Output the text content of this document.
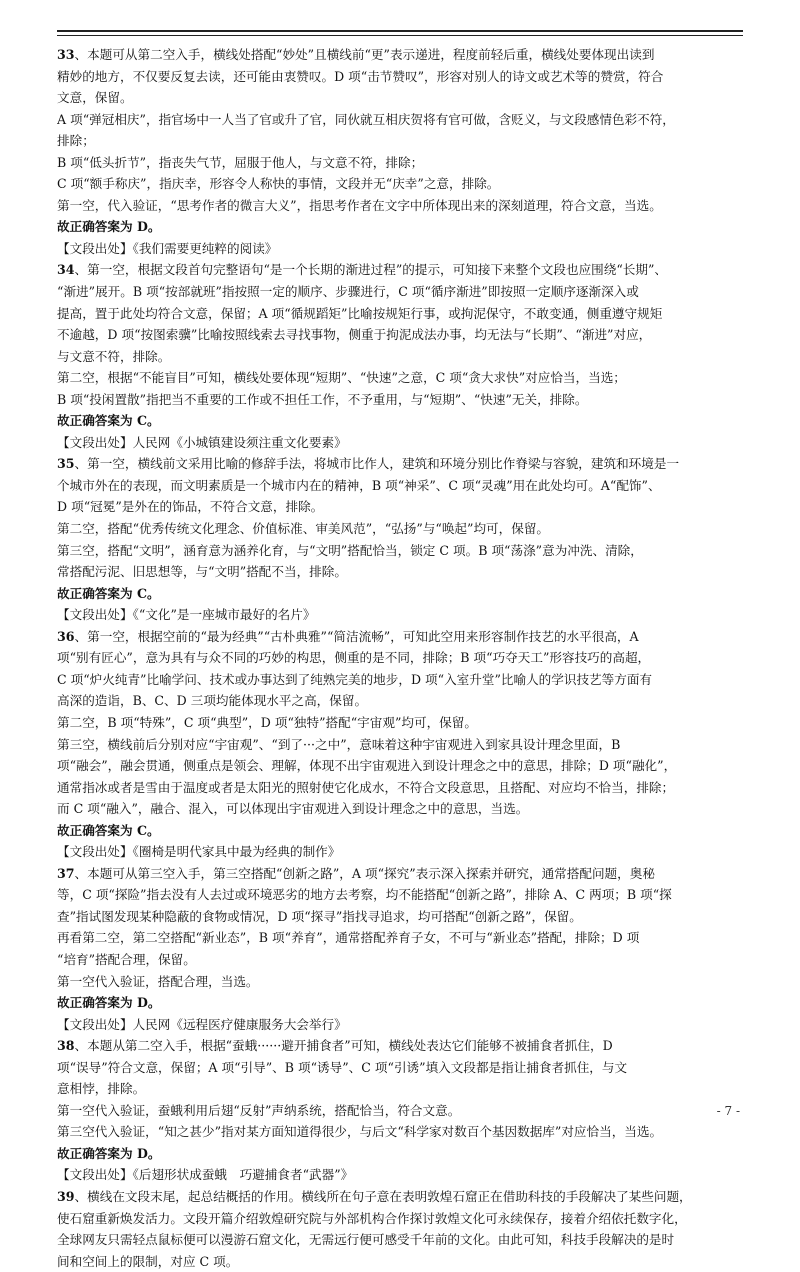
33、本题可从第二空入手，横线处搭配“妙处”且横线前“更”表示递进，程度前轻后重，横线处要体现出读到
精妙的地方，不仅要反复去读，还可能由衷赞叹。D 项“击节赞叹”，形容对别人的诗文或艺术等的赞赏，符合
文意，保留。
A 项“弹冠相庆”，指官场中一人当了官或升了官，同伙就互相庆贺将有官可做，含贬义，与文段感情色彩不符，
排除；
B 项“低头折节”，指丧失气节，屈服于他人，与文意不符，排除；
C 项“额手称庆”，指庆幸，形容令人称快的事情，文段并无“庆幸”之意，排除。
第一空，代入验证，“思考作者的微言大义”，指思考作者在文字中所体现出来的深刻道理，符合文意，当选。
故正确答案为 D。
【文段出处】《我们需要更纯粹的阅读》
34、第一空，根据文段首句完整语句“是一个长期的渐进过程”的提示，可知接下来整个文段也应围绕“长期”、
“渐进”展开。B 项“按部就班”指按照一定的顺序、步骤进行，C 项“循序渐进”即按照一定顺序逐渐深入或
提高，置于此处均符合文意，保留；A 项“循规蹈矩”比喻按规矩行事，或拘泥保守，不敢变通，侧重遵守规矩
不逾越，D 项“按图索骥”比喻按照线索去寻找事物，侧重于拘泥成法办事，均无法与“长期”、“渐进”对应，
与文意不符，排除。
第二空，根据“不能盲目”可知，横线处要体现“短期”、“快速”之意，C 项“贪大求快”对应恰当，当选；
B 项“投闲置散”指把当不重要的工作或不担任工作，不予重用，与“短期”、“快速”无关，排除。
故正确答案为 C。
【文段出处】人民网《小城镇建设须注重文化要素》
35、第一空，横线前文采用比喻的修辞手法，将城市比作人，建筑和环境分别比作脊梁与容貌，建筑和环境是一
个城市外在的表现，而文明素质是一个城市内在的精神，B 项“神采”、C 项“灵魂”用在此处均可。A“配饰”、
D 项“冠冕”是外在的饰品，不符合文意，排除。
第二空，搭配“优秀传统文化理念、价值标准、审美风范”，“弘扬”与“唤起”均可，保留。
第三空，搭配“文明”，涵育意为涵养化育，与“文明”搭配恰当，锁定 C 项。B 项“荡涤”意为冲洗、清除，
常搭配污泥、旧思想等，与“文明”搭配不当，排除。
故正确答案为 C。
【文段出处】《“文化”是一座城市最好的名片》
36、第一空，根据空前的“最为经典”“古朴典雅”“简洁流畅”，可知此空用来形容制作技艺的水平很高，A
项“别有匠心”，意为具有与众不同的巧妙的构思，侧重的是不同，排除；B 项“巧夺天工”形容技巧的高超，
C 项“炉火纯青”比喻学问、技术或办事达到了纯熟完美的地步，D 项“入室升堂”比喻人的学识技艺等方面有
高深的造诣，B、C、D 三项均能体现水平之高，保留。
第二空，B 项“特殊”，C 项“典型”，D 项“独特”搭配“宇宙观”均可，保留。
第三空，横线前后分别对应“宇宙观”、“到了···之中”，意味着这种宇宙观进入到家具设计理念里面，B
项“融会”，融会贯通，侧重点是领会、理解，体现不出宇宙观进入到设计理念之中的意思，排除；D 项“融化”，
通常指冰或者是雪由于温度或者是太阳光的照射使它化成水，不符合文段意思，且搭配、对应均不恰当，排除；
而 C 项“融入”，融合、混入，可以体现出宇宙观进入到设计理念之中的意思，当选。
故正确答案为 C。
【文段出处】《圈椅是明代家具中最为经典的制作》
37、本题可从第三空入手，第三空搭配“创新之路”，A 项“探究”表示深入探索并研究，通常搭配问题，奥秘
等，C 项“探险”指去没有人去过或环境恶劣的地方去考察，均不能搭配“创新之路”，排除 A、C 两项；B 项“探
查”指试图发现某种隐蔽的食物或情况，D 项“探寻”指找寻追求，均可搭配“创新之路”，保留。
再看第二空，第二空搭配“新业态”，B 项“养育”，通常搭配养育子女，不可与“新业态”搭配，排除；D 项
“培育”搭配合理，保留。
第一空代入验证，搭配合理，当选。
故正确答案为 D。
【文段出处】人民网《远程医疗健康服务大会举行》
38、本题从第二空入手，根据“蚕蛾······避开捕食者”可知，横线处表达它们能够不被捕食者抓住，D
项“误导”符合文意，保留；A 项“引导”、B 项“诱导”、C 项“引诱”填入文段都是指让捕食者抓住，与文
意相悖，排除。
第一空代入验证，蚕蛾利用后翅“反射”声纳系统，搭配恰当，符合文意。
第三空代入验证，“知之甚少”指对某方面知道得很少，与后文“科学家对数百个基因数据库”对应恰当，当选。
故正确答案为 D。
【文段出处】《后翅形状成蚕蛾　巧避捕食者“武器”》
39、横线在文段末尾，起总结概括的作用。横线所在句子意在表明敦煌石窟正在借助科技的手段解决了某些问题，
使石窟重新焕发活力。文段开篇介绍敦煌研究院与外部机构合作探讨敦煌文化可永续保存，接着介绍依托数字化，
全球网友只需轻点鼠标便可以漫游石窟文化，无需远行便可感受千年前的文化。由此可知，科技手段解决的是时
间和空间上的限制，对应 C 项。
- 7 -
